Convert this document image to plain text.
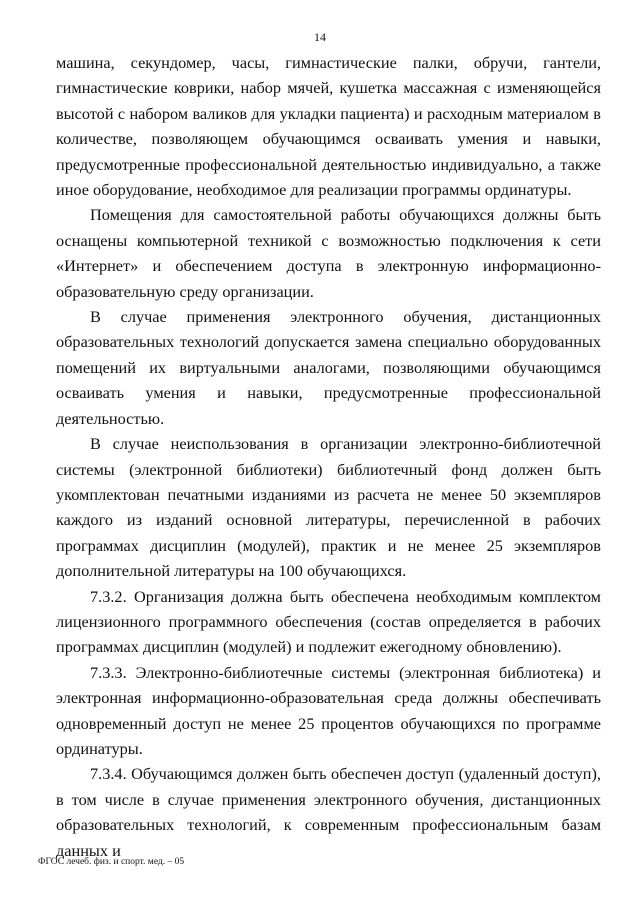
14

машина, секундомер, часы, гимнастические палки, обручи, гантели, гимнастические коврики, набор мячей, кушетка массажная с изменяющейся высотой с набором валиков для укладки пациента) и расходным материалом в количестве, позволяющем обучающимся осваивать умения и навыки, предусмотренные профессиональной деятельностью индивидуально, а также иное оборудование, необходимое для реализации программы ординатуры.

Помещения для самостоятельной работы обучающихся должны быть оснащены компьютерной техникой с возможностью подключения к сети «Интернет» и обеспечением доступа в электронную информационно-образовательную среду организации.

В случае применения электронного обучения, дистанционных образовательных технологий допускается замена специально оборудованных помещений их виртуальными аналогами, позволяющими обучающимся осваивать умения и навыки, предусмотренные профессиональной деятельностью.

В случае неиспользования в организации электронно-библиотечной системы (электронной библиотеки) библиотечный фонд должен быть укомплектован печатными изданиями из расчета не менее 50 экземпляров каждого из изданий основной литературы, перечисленной в рабочих программах дисциплин (модулей), практик и не менее 25 экземпляров дополнительной литературы на 100 обучающихся.

7.3.2. Организация должна быть обеспечена необходимым комплектом лицензионного программного обеспечения (состав определяется в рабочих программах дисциплин (модулей) и подлежит ежегодному обновлению).

7.3.3. Электронно-библиотечные системы (электронная библиотека) и электронная информационно-образовательная среда должны обеспечивать одновременный доступ не менее 25 процентов обучающихся по программе ординатуры.

7.3.4. Обучающимся должен быть обеспечен доступ (удаленный доступ), в том числе в случае применения электронного обучения, дистанционных образовательных технологий, к современным профессиональным базам данных и

ФГОС лечеб. физ. и спорт. мед. – 05
